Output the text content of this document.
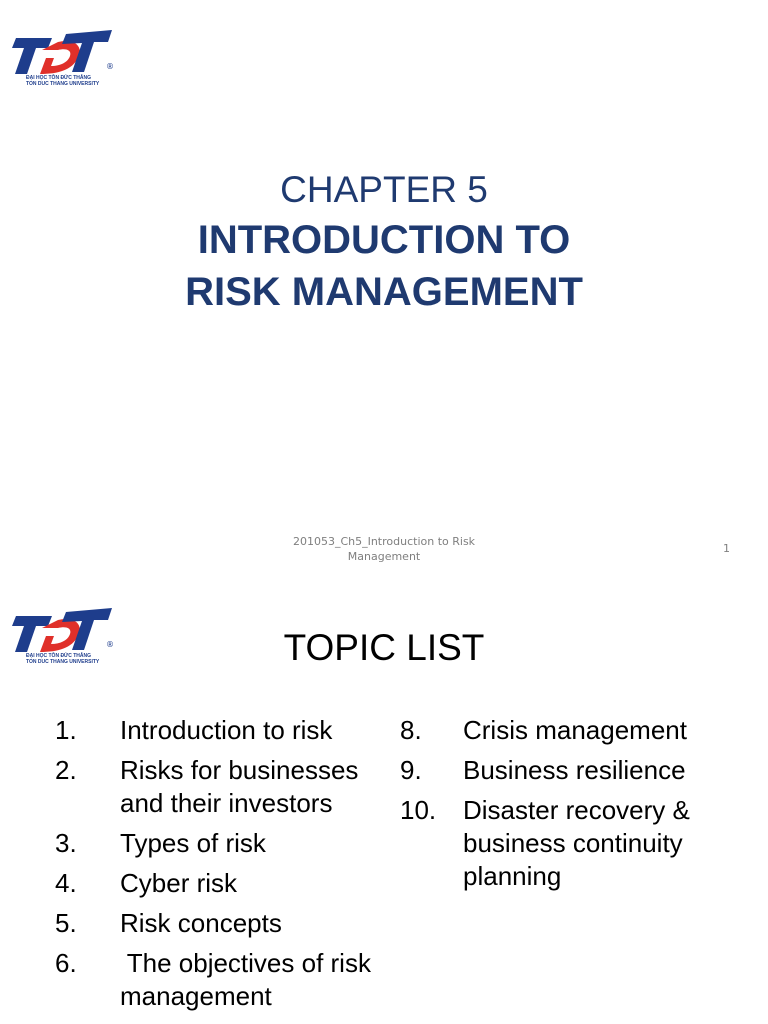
®
ĐẠI HỌC TÔN ĐỨC THẮNG
TON DUC THANG UNIVERSITY
CHAPTER 5
INTRODUCTION TO
RISK MANAGEMENT
201053_Ch5_Introduction to Risk
Management
1
®
ĐẠI HỌC TÔN ĐỨC THẮNG
TON DUC THANG UNIVERSITY	TOPIC LIST
1. Introduction to risk
2. Risks for businesses
and their investors
3. Types of risk
4. Cyber risk
5. Risk concepts
6. The objectives of risk
management
8. Crisis management
9. Business resilience
10. Disaster recovery &
business continuity
planning
